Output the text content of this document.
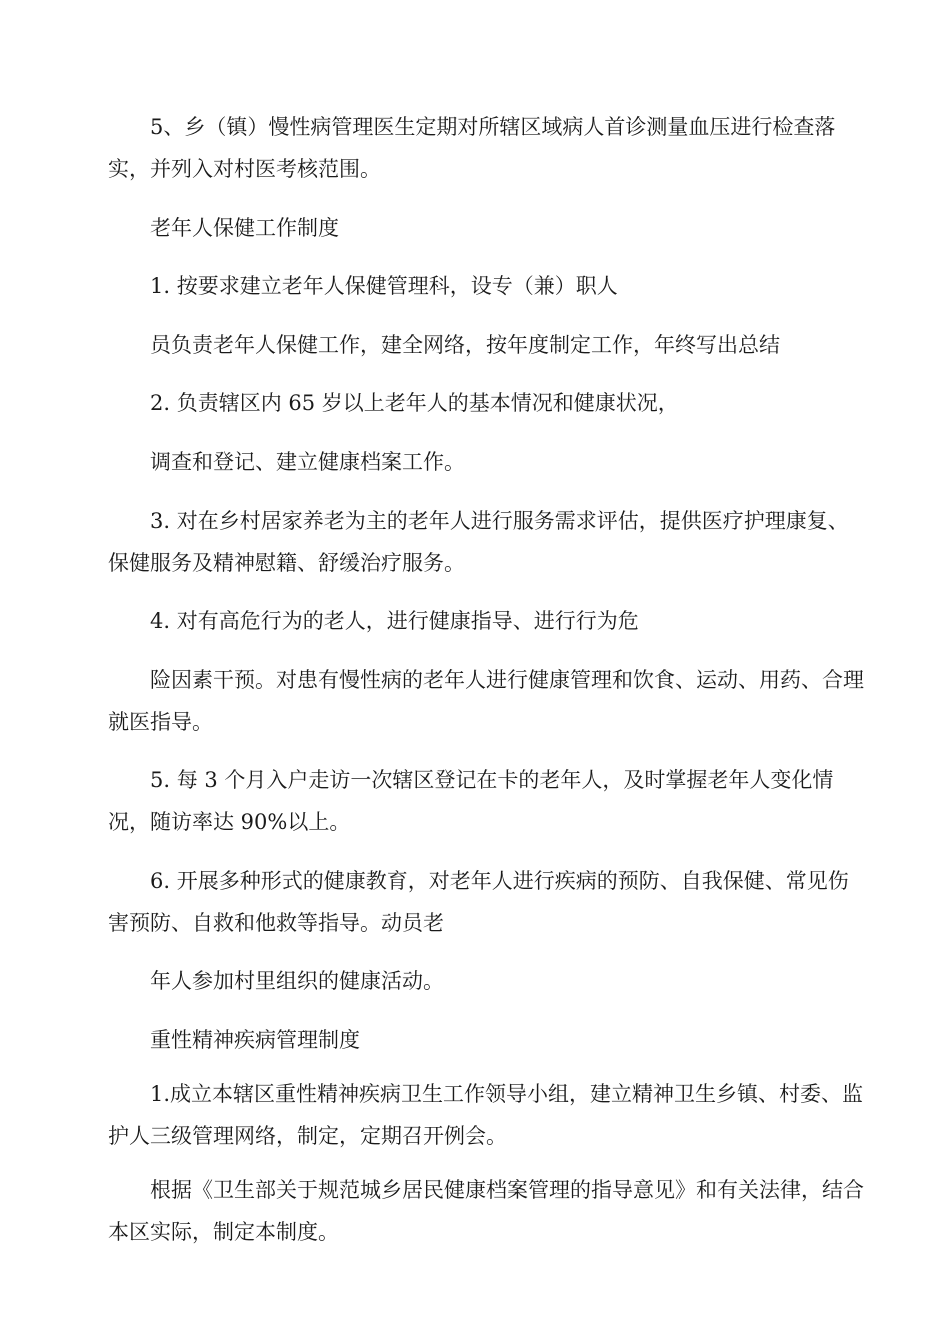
5、乡（镇）慢性病管理医生定期对所辖区域病人首诊测量血压进行检查落实，并列入对村医考核范围。

老年人保健工作制度

1. 按要求建立老年人保健管理科，设专（兼）职人

员负责老年人保健工作，建全网络，按年度制定工作，年终写出总结

2. 负责辖区内 65 岁以上老年人的基本情况和健康状况，

调查和登记、建立健康档案工作。

3. 对在乡村居家养老为主的老年人进行服务需求评估，提供医疗护理康复、保健服务及精神慰籍、舒缓治疗服务。

4. 对有高危行为的老人，进行健康指导、进行行为危

险因素干预。对患有慢性病的老年人进行健康管理和饮食、运动、用药、合理就医指导。

5. 每 3 个月入户走访一次辖区登记在卡的老年人，及时掌握老年人变化情况，随访率达 90%以上。

6. 开展多种形式的健康教育，对老年人进行疾病的预防、自我保健、常见伤害预防、自救和他救等指导。动员老

年人参加村里组织的健康活动。

重性精神疾病管理制度

1.成立本辖区重性精神疾病卫生工作领导小组，建立精神卫生乡镇、村委、监护人三级管理网络，制定，定期召开例会。

根据《卫生部关于规范城乡居民健康档案管理的指导意见》和有关法律，结合本区实际，制定本制度。
